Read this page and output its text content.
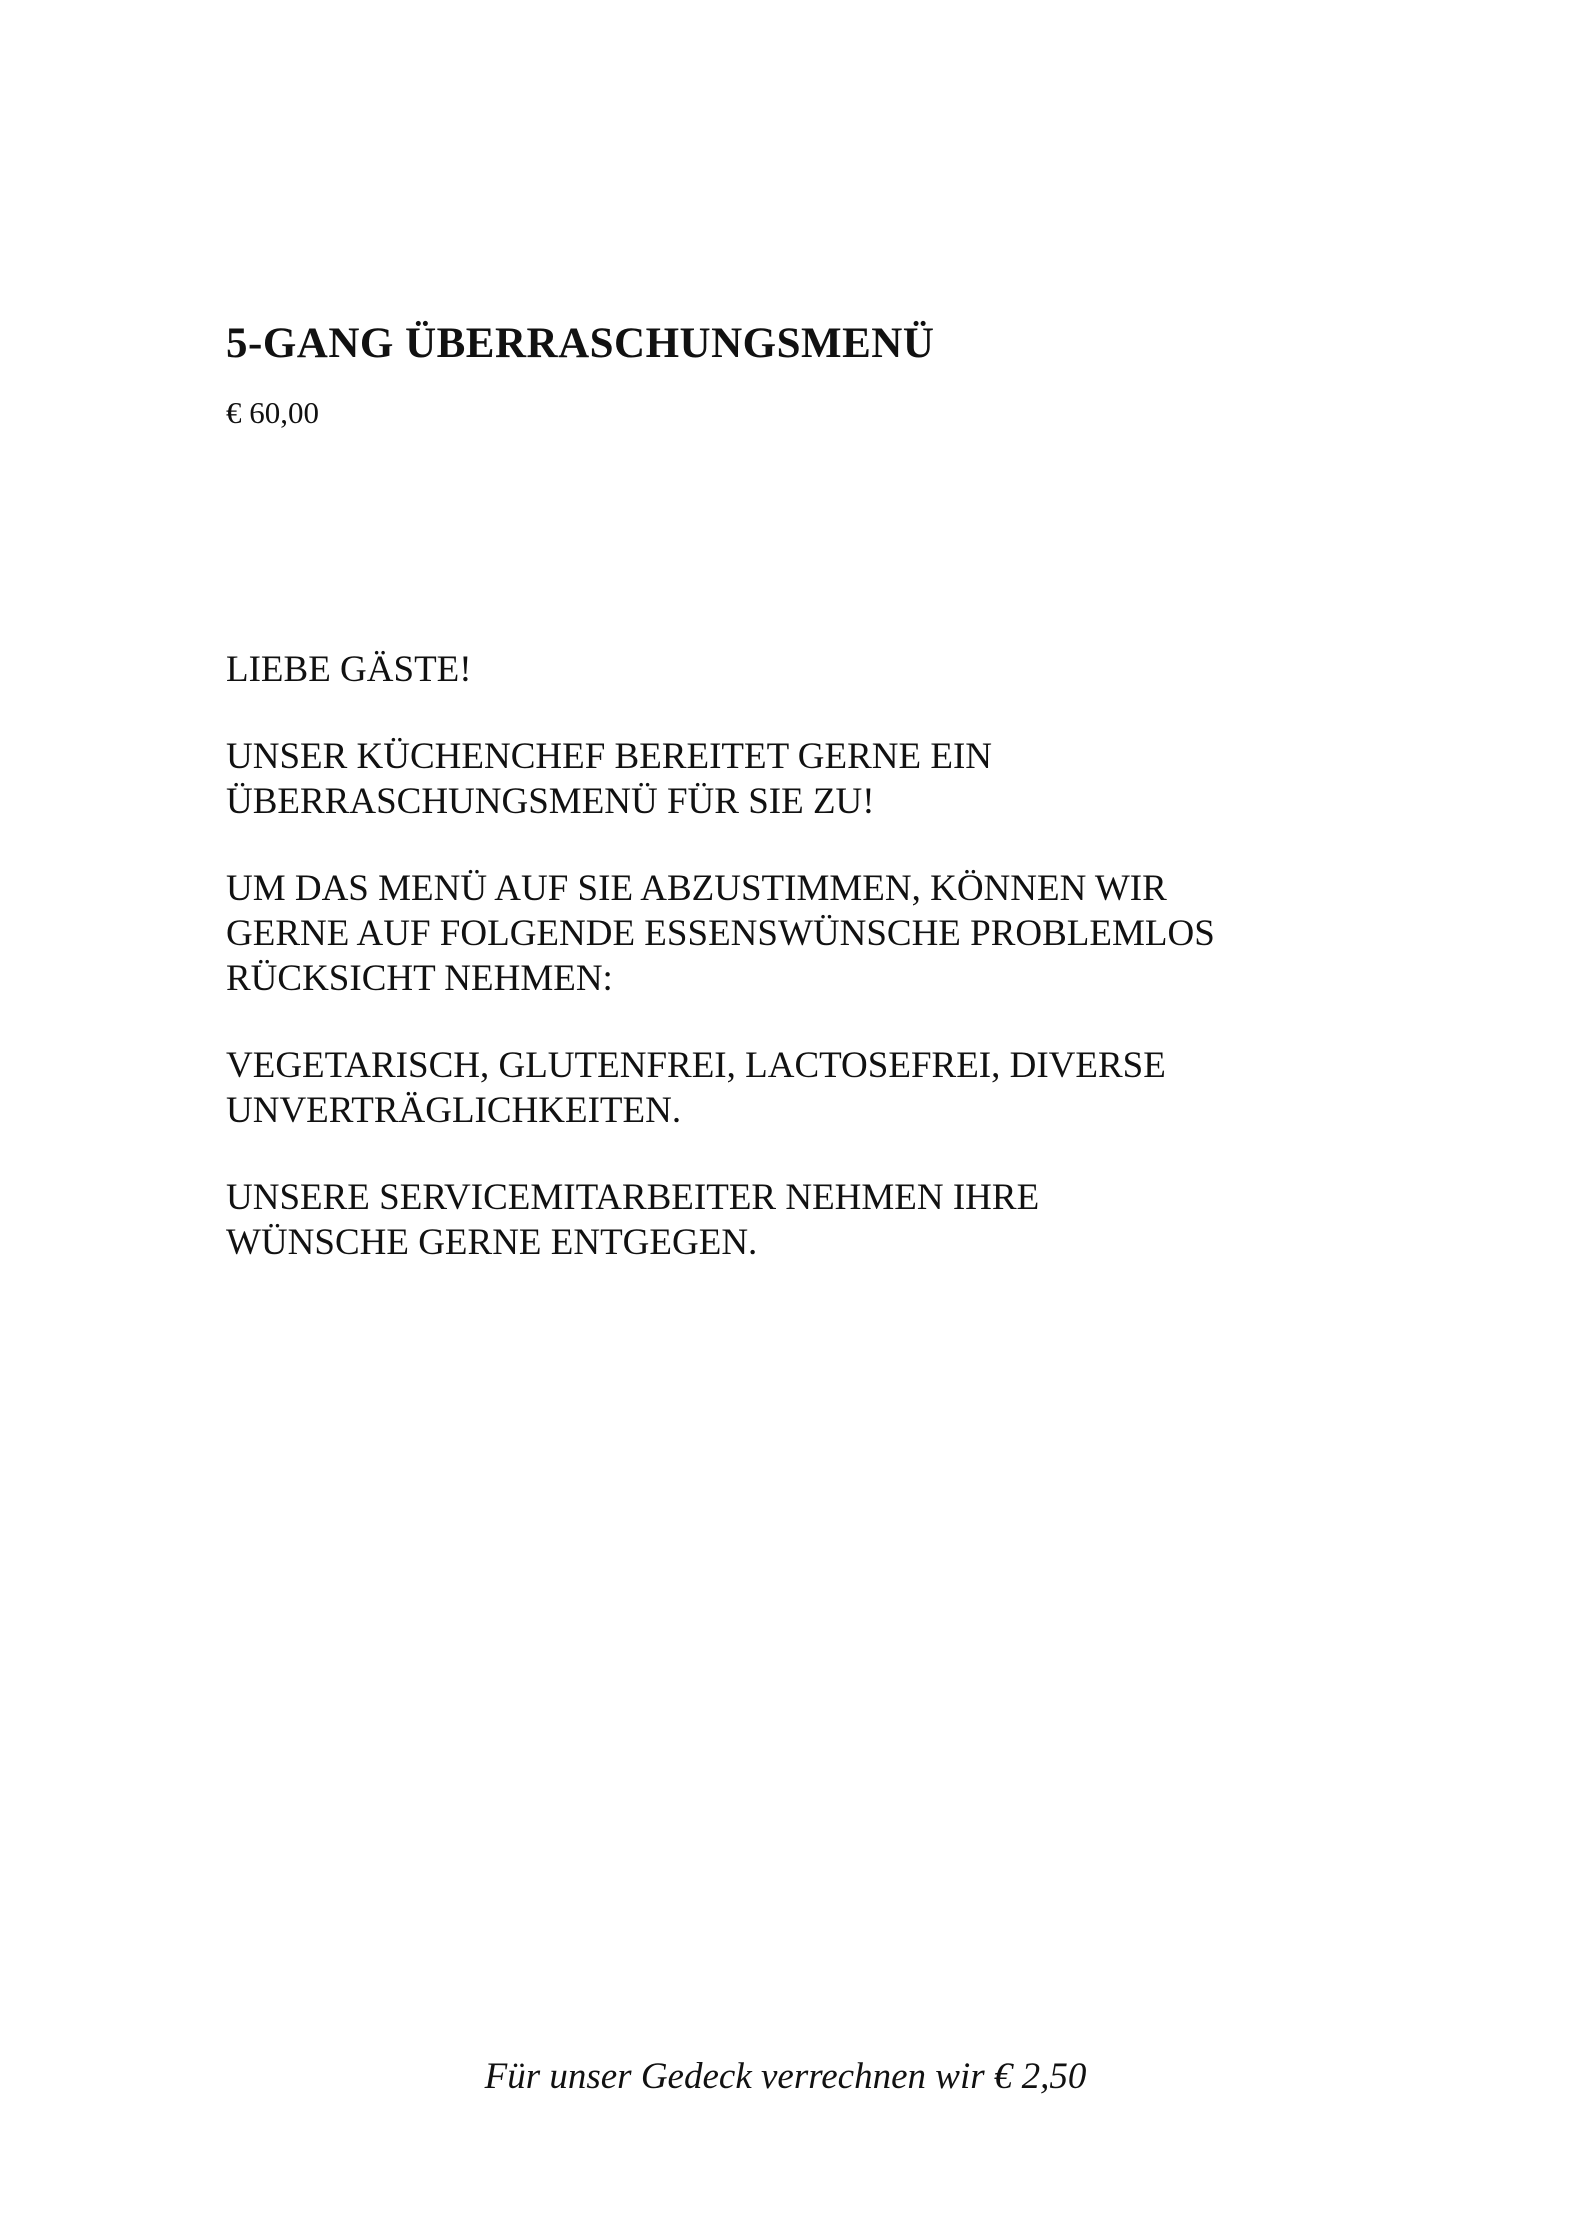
5-GANG ÜBERRASCHUNGSMENÜ
€ 60,00

LIEBE GÄSTE!

UNSER KÜCHENCHEF BEREITET GERNE EIN
ÜBERRASCHUNGSMENÜ FÜR SIE ZU!

UM DAS MENÜ AUF SIE ABZUSTIMMEN, KÖNNEN WIR
GERNE AUF FOLGENDE ESSENSWÜNSCHE PROBLEMLOS
RÜCKSICHT NEHMEN:

VEGETARISCH, GLUTENFREI, LACTOSEFREI, DIVERSE
UNVERTRÄGLICHKEITEN.

UNSERE SERVICEMITARBEITER NEHMEN IHRE
WÜNSCHE GERNE ENTGEGEN.

Für unser Gedeck verrechnen wir € 2,50
